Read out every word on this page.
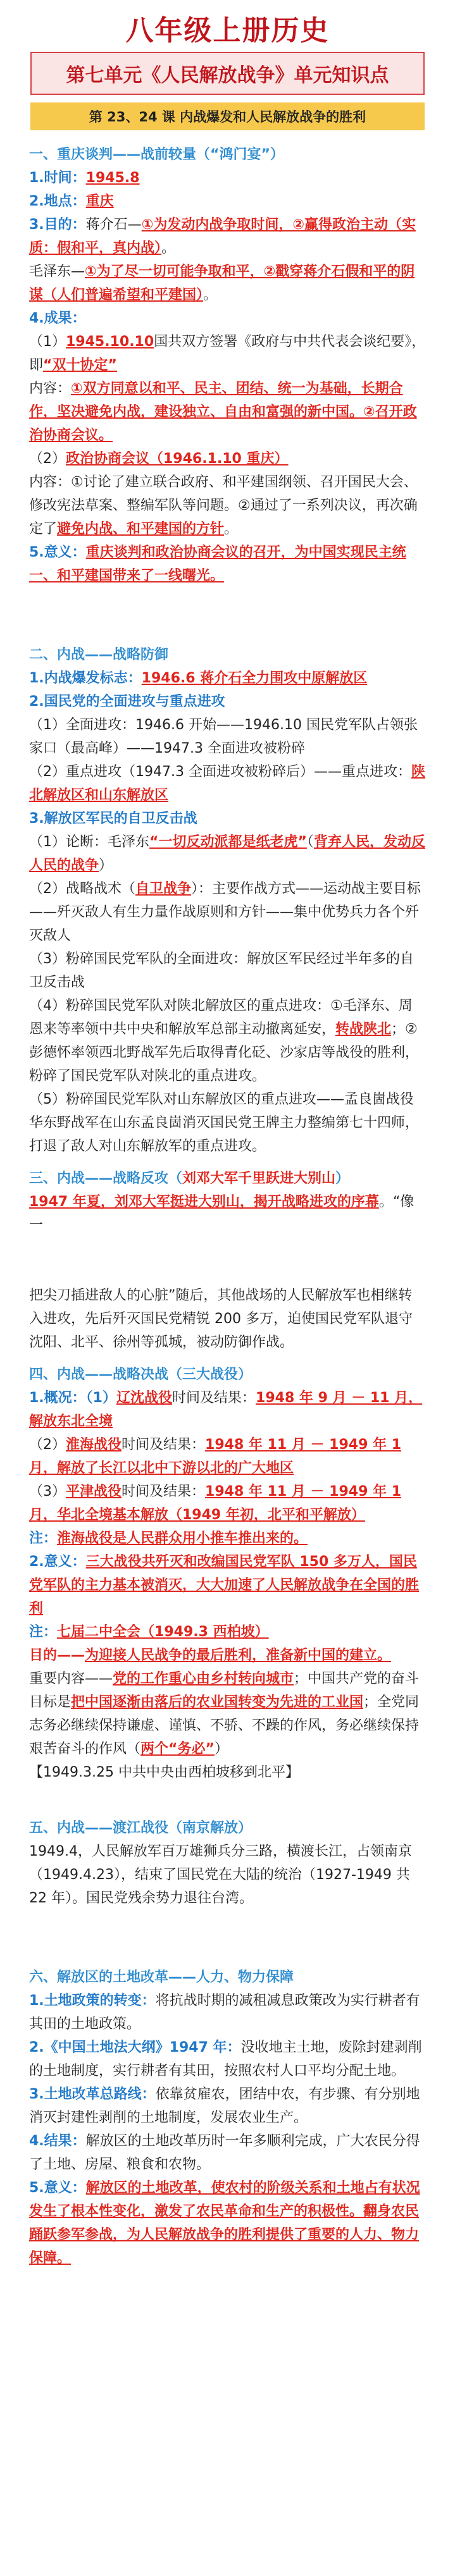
八年级上册历史
第七单元《人民解放战争》单元知识点
第 23、24 课 内战爆发和人民解放战争的胜利

一、重庆谈判——战前较量（“鸿门宴”）

1.时间：1945.8

2.地点：重庆

3.目的：蒋介石—①为发动内战争取时间，②赢得政治主动（实质：假和平，真内战）。

毛泽东—①为了尽一切可能争取和平，②戳穿蒋介石假和平的阴谋（人们普遍希望和平建国）。

4.成果：

（1）1945.10.10国共双方签署《政府与中共代表会谈纪要》，即“双十协定”

内容：①双方同意以和平、民主、团结、统一为基础，长期合作，坚决避免内战，建设独立、自由和富强的新中国。②召开政治协商会议。

（2）政治协商会议（1946.1.10 重庆）

内容：①讨论了建立联合政府、和平建国纲领、召开国民大会、修改宪法草案、整编军队等问题。②通过了一系列决议，再次确定了避免内战、和平建国的方针。

5.意义：重庆谈判和政治协商会议的召开，为中国实现民主统一、和平建国带来了一线曙光。

二、内战——战略防御

1.内战爆发标志：1946.6 蒋介石全力围攻中原解放区

2.国民党的全面进攻与重点进攻

（1）全面进攻：1946.6 开始——1946.10 国民党军队占领张家口（最高峰）——1947.3 全面进攻被粉碎

（2）重点进攻（1947.3 全面进攻被粉碎后）——重点进攻：陕北解放区和山东解放区

3.解放区军民的自卫反击战

（1）论断：毛泽东“一切反动派都是纸老虎”（背弃人民，发动反人民的战争）

（2）战略战术（自卫战争）：主要作战方式——运动战主要目标——歼灭敌人有生力量作战原则和方针——集中优势兵力各个歼灭敌人

（3）粉碎国民党军队的全面进攻：解放区军民经过半年多的自卫反击战

（4）粉碎国民党军队对陕北解放区的重点进攻：①毛泽东、周恩来等率领中共中央和解放军总部主动撤离延安，转战陕北；②彭德怀率领西北野战军先后取得青化砭、沙家店等战役的胜利，粉碎了国民党军队对陕北的重点进攻。

（5）粉碎国民党军队对山东解放区的重点进攻——孟良崮战役华东野战军在山东孟良崮消灭国民党王牌主力整编第七十四师，打退了敌人对山东解放军的重点进攻。

三、内战——战略反攻（刘邓大军千里跃进大别山）

1947 年夏，刘邓大军挺进大别山，揭开战略进攻的序幕。“像一

把尖刀插进敌人的心脏”随后，其他战场的人民解放军也相继转入进攻，先后歼灭国民党精锐 200 多万，迫使国民党军队退守沈阳、北平、徐州等孤城，被动防御作战。

四、内战——战略决战（三大战役）

1.概况：（1）辽沈战役时间及结果：1948 年 9 月 － 11 月，解放东北全境

（2）淮海战役时间及结果：1948 年 11 月 － 1949 年 1 月，解放了长江以北中下游以北的广大地区

（3）平津战役时间及结果：1948 年 11 月 － 1949 年 1 月，华北全境基本解放（1949 年初，北平和平解放）

注：淮海战役是人民群众用小推车推出来的。

2.意义：三大战役共歼灭和改编国民党军队 150 多万人，国民党军队的主力基本被消灭，大大加速了人民解放战争在全国的胜利
注：七届二中全会（1949.3 西柏坡）

目的——为迎接人民战争的最后胜利，准备新中国的建立。

重要内容——党的工作重心由乡村转向城市；中国共产党的奋斗目标是把中国逐渐由落后的农业国转变为先进的工业国；全党同志务必继续保持谦虚、谨慎、不骄、不躁的作风，务必继续保持艰苦奋斗的作风（两个“务必”）

【1949.3.25 中共中央由西柏坡移到北平】

五、内战——渡江战役（南京解放）

1949.4，人民解放军百万雄狮兵分三路，横渡长江，占领南京（1949.4.23），结束了国民党在大陆的统治（1927-1949 共 22 年）。国民党残余势力退往台湾。

六、解放区的土地改革——人力、物力保障

1.土地政策的转变：将抗战时期的减租减息政策改为实行耕者有其田的土地政策。

2.《中国土地法大纲》1947 年：没收地主土地，废除封建剥削的土地制度，实行耕者有其田，按照农村人口平均分配土地。

3.土地改革总路线：依靠贫雇农，团结中农，有步骤、有分别地消灭封建性剥削的土地制度，发展农业生产。

4.结果：解放区的土地改革历时一年多顺利完成，广大农民分得了土地、房屋、粮食和农物。

5.意义：解放区的土地改革，使农村的阶级关系和土地占有状况发生了根本性变化，激发了农民革命和生产的积极性。翻身农民踊跃参军参战，为人民解放战争的胜利提供了重要的人力、物力保障。
